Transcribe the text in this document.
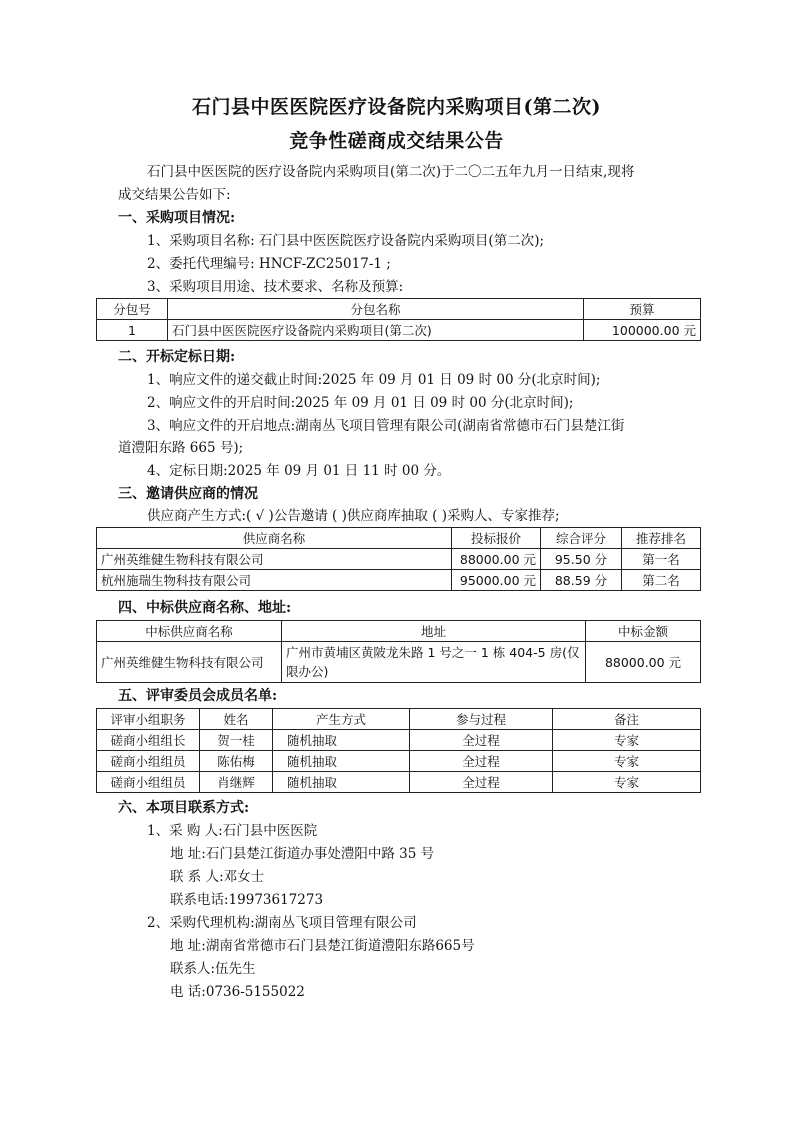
石门县中医医院医疗设备院内采购项目(第二次)
竞争性磋商成交结果公告
石门县中医医院的医疗设备院内采购项目(第二次)于二〇二五年九月一日结束,现将
成交结果公告如下:
一、采购项目情况:
1、采购项目名称: 石门县中医医院医疗设备院内采购项目(第二次);
2、委托代理编号: HNCF-ZC25017-1 ;
3、采购项目用途、技术要求、名称及预算:
分包号	分包名称	预算
1	石门县中医医院医疗设备院内采购项目(第二次)	100000.00 元
二、开标定标日期:
1、响应文件的递交截止时间:2025 年 09 月 01 日 09 时 00 分(北京时间);
2、响应文件的开启时间:2025 年 09 月 01 日 09 时 00 分(北京时间);
3、响应文件的开启地点:湖南丛飞项目管理有限公司(湖南省常德市石门县楚江街
道澧阳东路 665 号);
4、定标日期:2025 年 09 月 01 日 11 时 00 分。
三、邀请供应商的情况
供应商产生方式:( √ )公告邀请 ( )供应商库抽取 ( )采购人、专家推荐;
供应商名称	投标报价	综合评分	推荐排名
广州英维健生物科技有限公司	88000.00 元	95.50 分	第一名
杭州施瑞生物科技有限公司	95000.00 元	88.59 分	第二名
四、中标供应商名称、地址:
中标供应商名称	地址	中标金额
广州英维健生物科技有限公司	广州市黄埔区黄陂龙朱路 1 号之一 1 栋 404-5 房(仅
限办公)	88000.00 元
五、评审委员会成员名单:
评审小组职务	姓名	产生方式	参与过程	备注
磋商小组组长	贺一桂	随机抽取	全过程	专家
磋商小组组员	陈佑梅	随机抽取	全过程	专家
磋商小组组员	肖继辉	随机抽取	全过程	专家
六、本项目联系方式:
1、采 购 人:石门县中医医院
地 址:石门县楚江街道办事处澧阳中路 35 号
联 系 人:邓女士
联系电话:19973617273
2、采购代理机构:湖南丛飞项目管理有限公司
地 址:湖南省常德市石门县楚江街道澧阳东路665号
联系人:伍先生
电 话:0736-5155022
